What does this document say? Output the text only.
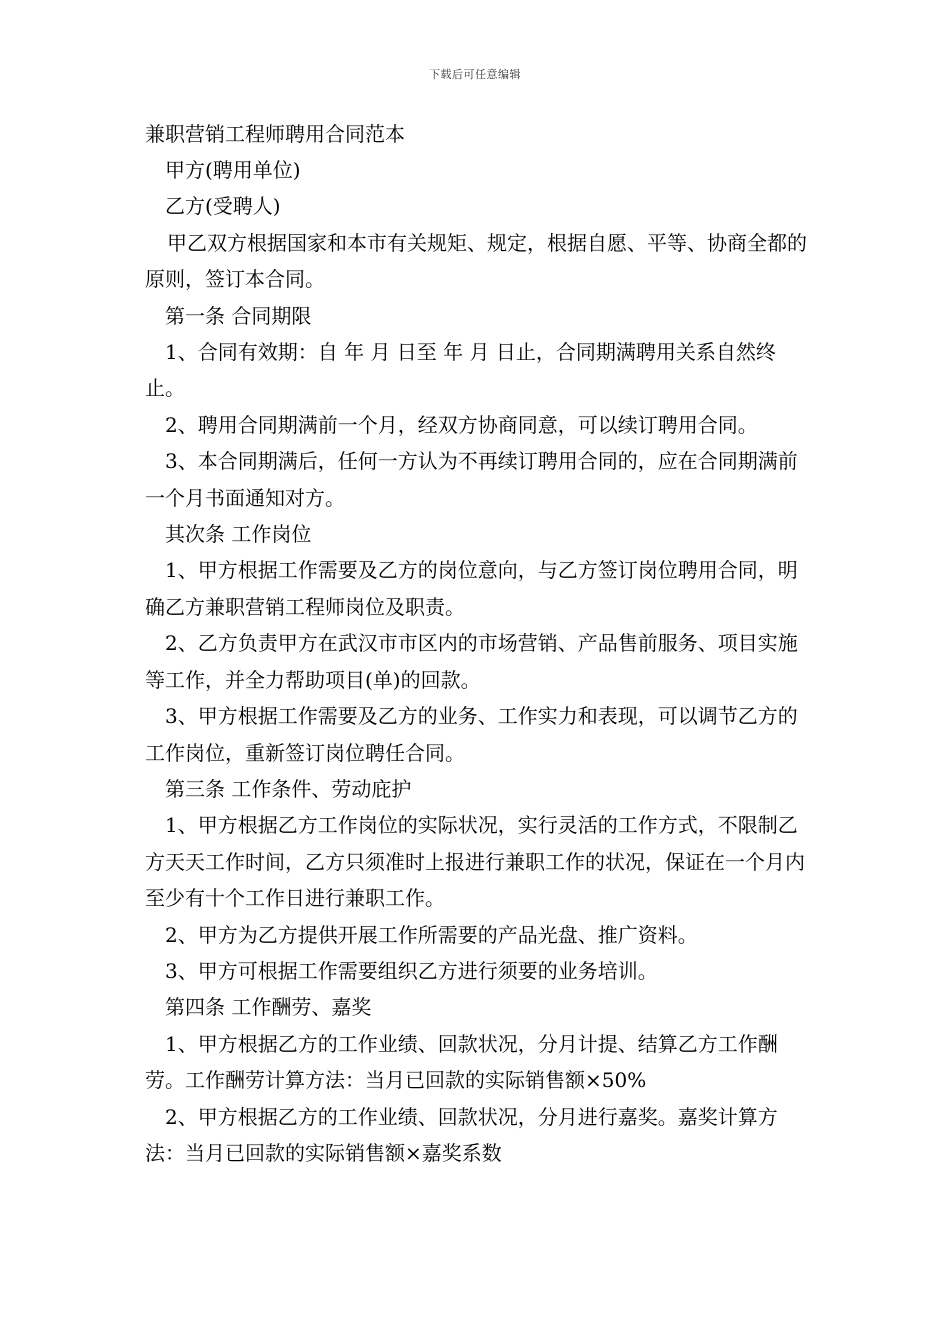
下载后可任意编辑
兼职营销工程师聘用合同范本

甲方(聘用单位)

乙方(受聘人)

甲乙双方根据国家和本市有关规矩、规定，根据自愿、平等、协商全都的原则，签订本合同。

第一条 合同期限

1、合同有效期：自 年 月 日至 年 月 日止，合同期满聘用关系自然终止。

2、聘用合同期满前一个月，经双方协商同意，可以续订聘用合同。

3、本合同期满后，任何一方认为不再续订聘用合同的，应在合同期满前一个月书面通知对方。

其次条 工作岗位

1、甲方根据工作需要及乙方的岗位意向，与乙方签订岗位聘用合同，明确乙方兼职营销工程师岗位及职责。

2、乙方负责甲方在武汉市市区内的市场营销、产品售前服务、项目实施等工作，并全力帮助项目(单)的回款。

3、甲方根据工作需要及乙方的业务、工作实力和表现，可以调节乙方的工作岗位，重新签订岗位聘任合同。

第三条 工作条件、劳动庇护

1、甲方根据乙方工作岗位的实际状况，实行灵活的工作方式，不限制乙方天天工作时间，乙方只须准时上报进行兼职工作的状况，保证在一个月内至少有十个工作日进行兼职工作。

2、甲方为乙方提供开展工作所需要的产品光盘、推广资料。

3、甲方可根据工作需要组织乙方进行须要的业务培训。

第四条 工作酬劳、嘉奖

1、甲方根据乙方的工作业绩、回款状况，分月计提、结算乙方工作酬劳。工作酬劳计算方法：当月已回款的实际销售额×50%

2、甲方根据乙方的工作业绩、回款状况，分月进行嘉奖。嘉奖计算方法：当月已回款的实际销售额×嘉奖系数
